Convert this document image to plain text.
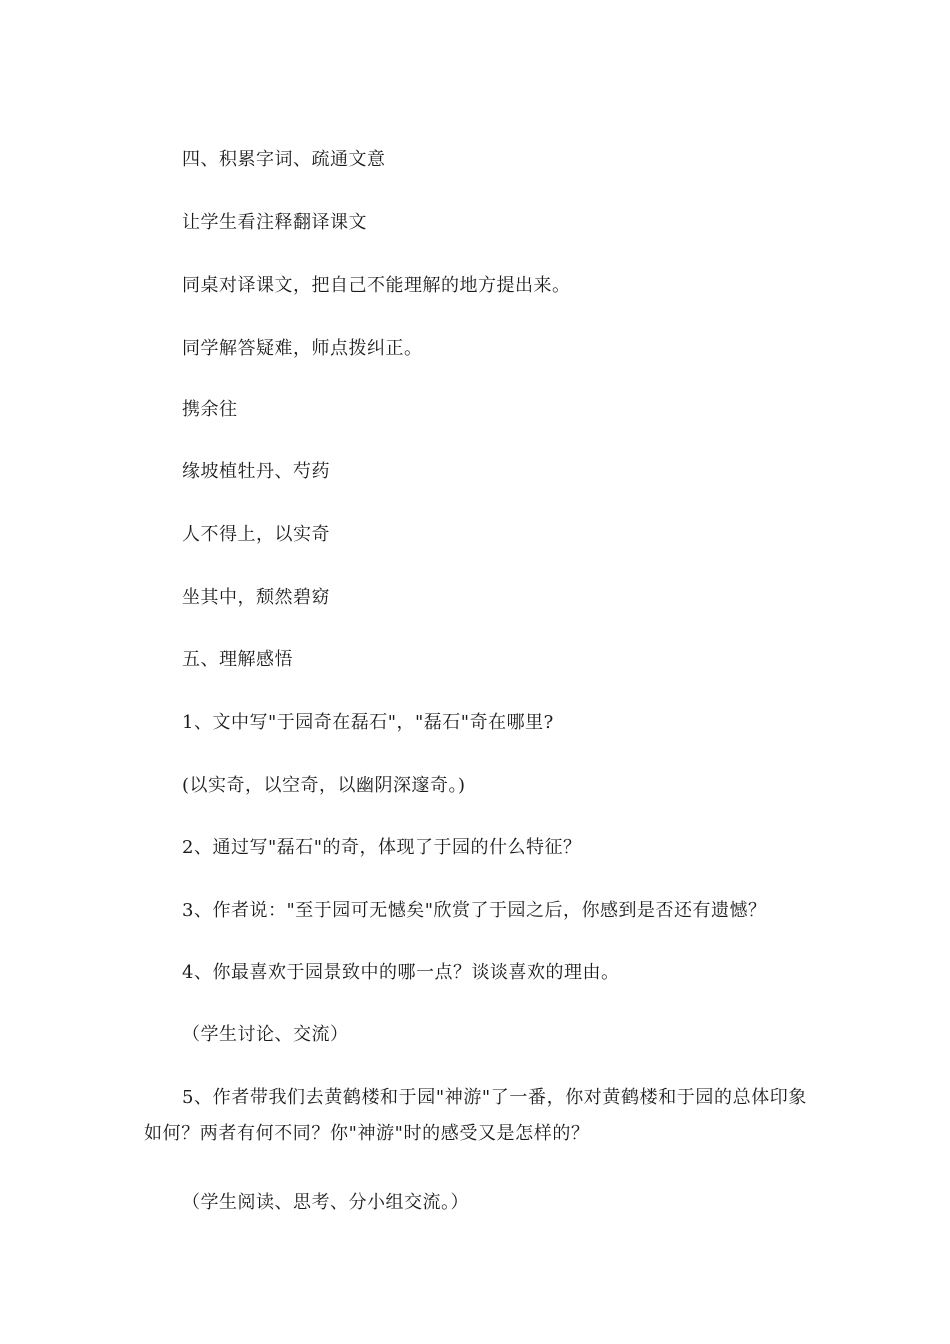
四、积累字词、疏通文意

让学生看注释翻译课文

同桌对译课文，把自己不能理解的地方提出来。

同学解答疑难，师点拨纠正。

携余往

缘坡植牡丹、芍药

人不得上，以实奇

坐其中，颓然碧窈

五、理解感悟

1、文中写"于园奇在磊石"，"磊石"奇在哪里?

(以实奇，以空奇，以幽阴深邃奇。)

2、通过写"磊石"的奇，体现了于园的什么特征？

3、作者说："至于园可无憾矣"欣赏了于园之后，你感到是否还有遗憾？

4、你最喜欢于园景致中的哪一点？谈谈喜欢的理由。

（学生讨论、交流）

5、作者带我们去黄鹤楼和于园"神游"了一番，你对黄鹤楼和于园的总体印象如何？两者有何不同？你"神游"时的感受又是怎样的？

（学生阅读、思考、分小组交流。）
